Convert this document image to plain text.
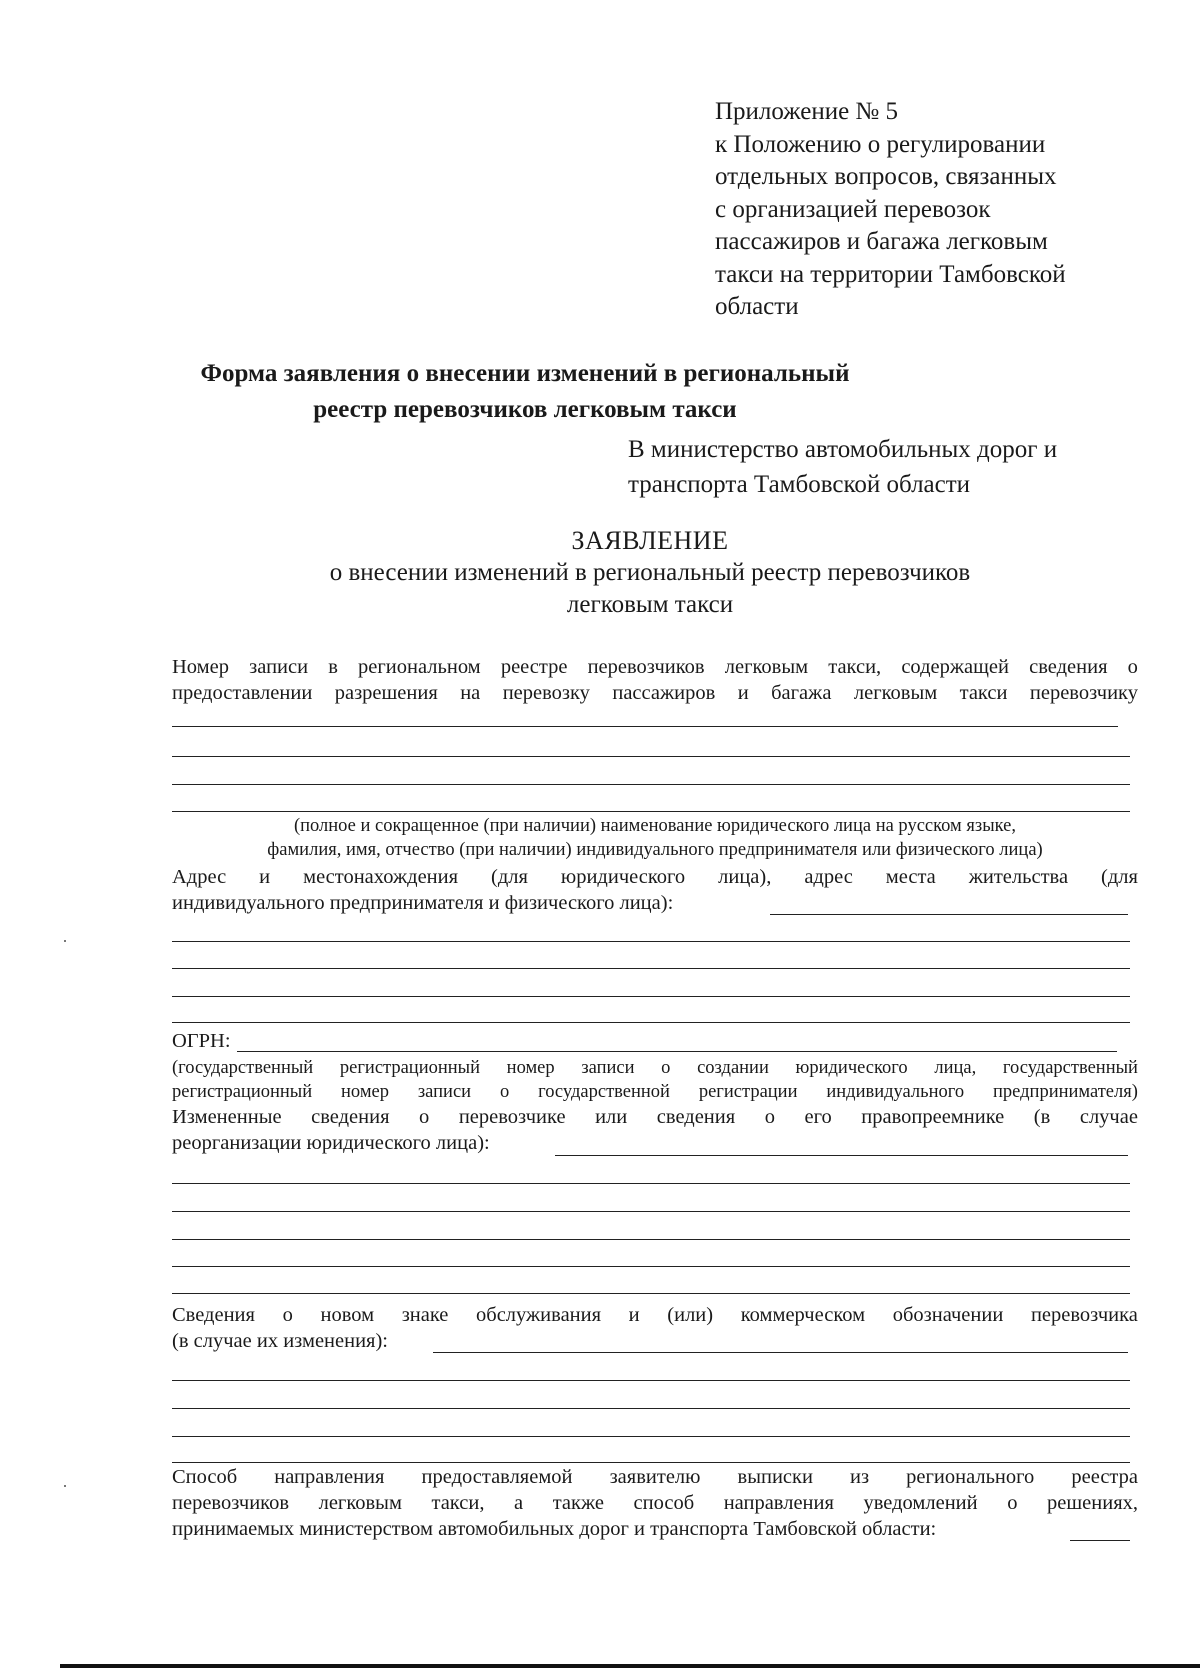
Приложение № 5
к Положению о регулировании
отдельных вопросов, связанных
с организацией перевозок
пассажиров и багажа легковым
такси на территории Тамбовской
области
Форма заявления о внесении изменений в региональный
реестр перевозчиков легковым такси
В министерство автомобильных дорог и
транспорта Тамбовской области
ЗАЯВЛЕНИЕ
о внесении изменений в региональный реестр перевозчиков
легковым такси
Номер записи в региональном реестре перевозчиков легковым такси, содержащей сведения о
предоставлении разрешения на перевозку пассажиров и багажа легковым такси перевозчику
(полное и сокращенное (при наличии) наименование юридического лица на русском языке,
фамилия, имя, отчество (при наличии) индивидуального предпринимателя или физического лица)
Адрес и местонахождения (для юридического лица), адрес места жительства (для
индивидуального предпринимателя и физического лица):
ОГРН:
(государственный регистрационный номер записи о создании юридического лица, государственный
регистрационный номер записи о государственной регистрации индивидуального предпринимателя)
Измененные сведения о перевозчике или сведения о его правопреемнике (в случае
реорганизации юридического лица):
Сведения о новом знаке обслуживания и (или) коммерческом обозначении перевозчика
(в случае их изменения):
Способ направления предоставляемой заявителю выписки из регионального реестра
перевозчиков легковым такси, а также способ направления уведомлений о решениях,
принимаемых министерством автомобильных дорог и транспорта Тамбовской области:
